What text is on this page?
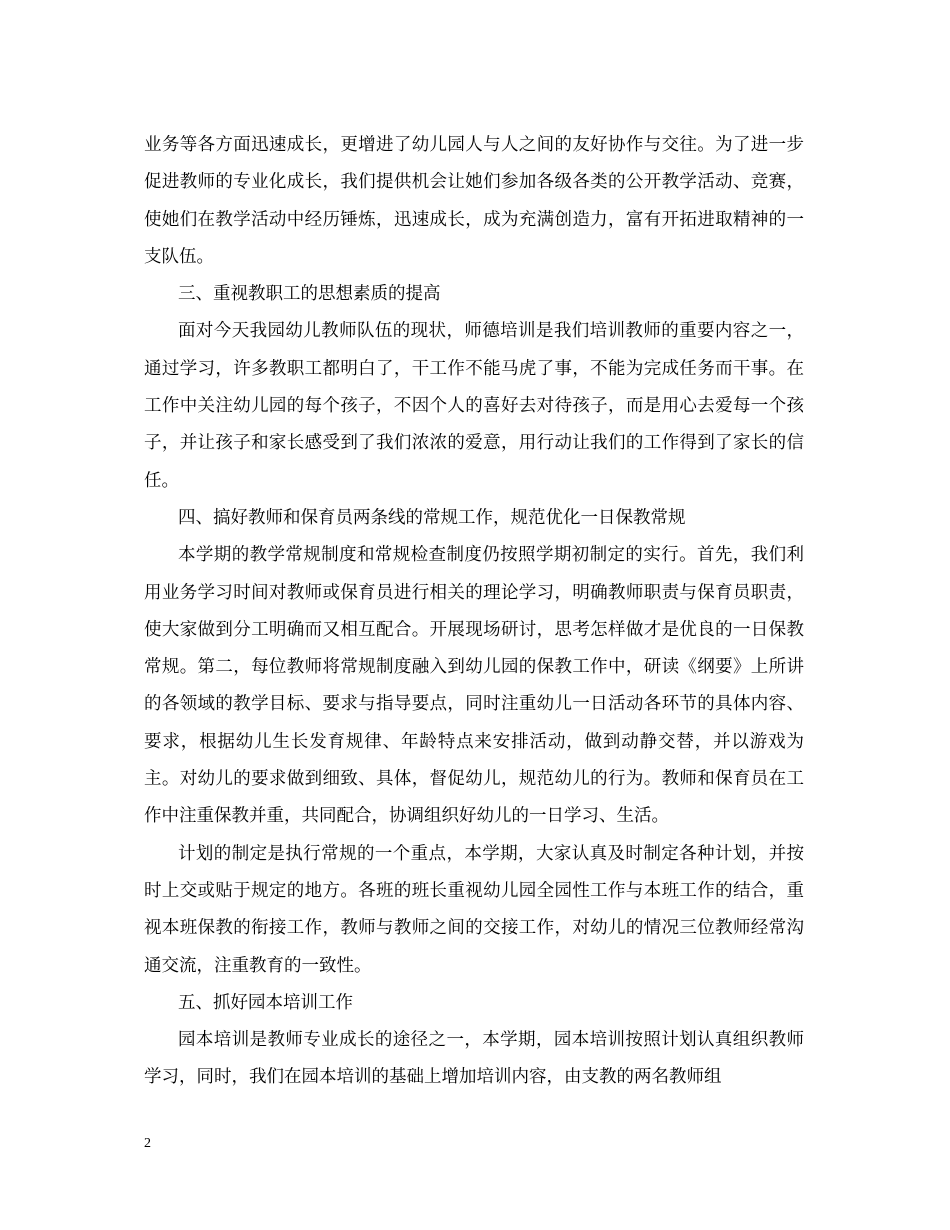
业务等各方面迅速成长，更增进了幼儿园人与人之间的友好协作与交往。为了进一步促进教师的专业化成长，我们提供机会让她们参加各级各类的公开教学活动、竞赛，使她们在教学活动中经历锤炼，迅速成长，成为充满创造力，富有开拓进取精神的一支队伍。

三、重视教职工的思想素质的提高

面对今天我园幼儿教师队伍的现状，师德培训是我们培训教师的重要内容之一，通过学习，许多教职工都明白了，干工作不能马虎了事，不能为完成任务而干事。在工作中关注幼儿园的每个孩子，不因个人的喜好去对待孩子，而是用心去爱每一个孩子，并让孩子和家长感受到了我们浓浓的爱意，用行动让我们的工作得到了家长的信任。

四、搞好教师和保育员两条线的常规工作，规范优化一日保教常规

本学期的教学常规制度和常规检查制度仍按照学期初制定的实行。首先，我们利用业务学习时间对教师或保育员进行相关的理论学习，明确教师职责与保育员职责，使大家做到分工明确而又相互配合。开展现场研讨，思考怎样做才是优良的一日保教常规。第二，每位教师将常规制度融入到幼儿园的保教工作中，研读《纲要》上所讲的各领域的教学目标、要求与指导要点，同时注重幼儿一日活动各环节的具体内容、要求，根据幼儿生长发育规律、年龄特点来安排活动，做到动静交替，并以游戏为主。对幼儿的要求做到细致、具体，督促幼儿，规范幼儿的行为。教师和保育员在工作中注重保教并重，共同配合，协调组织好幼儿的一日学习、生活。

计划的制定是执行常规的一个重点，本学期，大家认真及时制定各种计划，并按时上交或贴于规定的地方。各班的班长重视幼儿园全园性工作与本班工作的结合，重视本班保教的衔接工作，教师与教师之间的交接工作，对幼儿的情况三位教师经常沟通交流，注重教育的一致性。

五、抓好园本培训工作

园本培训是教师专业成长的途径之一，本学期，园本培训按照计划认真组织教师学习，同时，我们在园本培训的基础上增加培训内容，由支教的两名教师组

2
